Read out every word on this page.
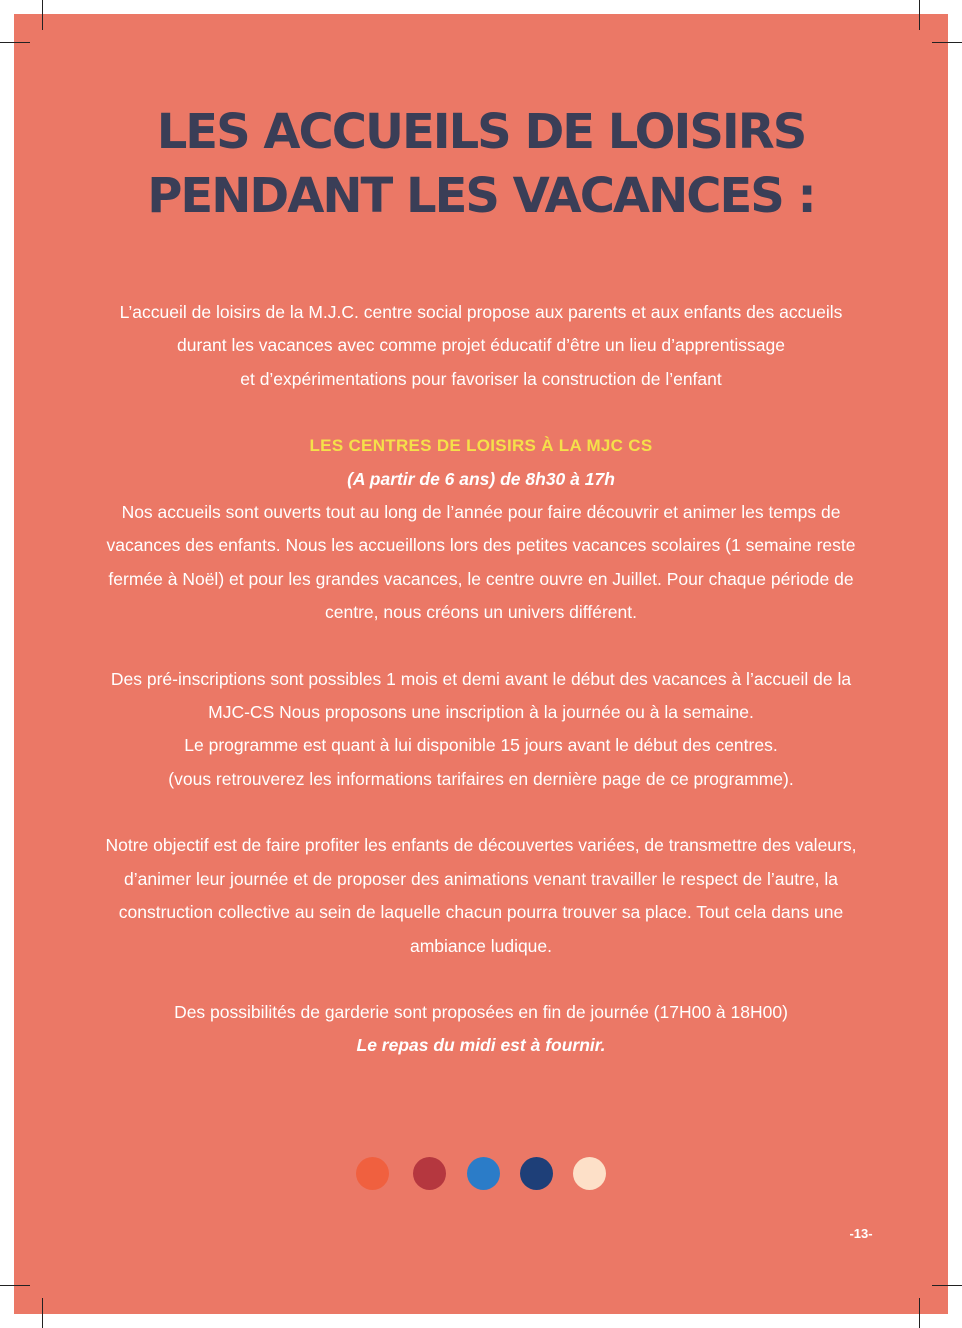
LES ACCUEILS DE LOISIRS
PENDANT LES VACANCES :

L’accueil de loisirs de la M.J.C. centre social propose aux parents et aux enfants des accueils

durant les vacances avec comme projet éducatif d’être un lieu d’apprentissage

et d’expérimentations pour favoriser la construction de l’enfant

LES CENTRES DE LOISIRS À LA MJC CS

(A partir de 6 ans) de 8h30 à 17h

Nos accueils sont ouverts tout au long de l’année pour faire découvrir et animer les temps de

vacances des enfants. Nous les accueillons lors des petites vacances scolaires (1 semaine reste

fermée à Noël) et pour les grandes vacances, le centre ouvre en Juillet. Pour chaque période de

centre, nous créons un univers différent.

Des pré-inscriptions sont possibles 1 mois et demi avant le début des vacances à l’accueil de la

MJC-CS Nous proposons une inscription à la journée ou à la semaine.

Le programme est quant à lui disponible 15 jours avant le début des centres.

(vous retrouverez les informations tarifaires en dernière page de ce programme).

Notre objectif est de faire profiter les enfants de découvertes variées, de transmettre des valeurs,

d’animer leur journée et de proposer des animations venant travailler le respect de l’autre, la

construction collective au sein de laquelle chacun pourra trouver sa place. Tout cela dans une

ambiance ludique.

Des possibilités de garderie sont proposées en fin de journée (17H00 à 18H00)

Le repas du midi est à fournir.

-13-
